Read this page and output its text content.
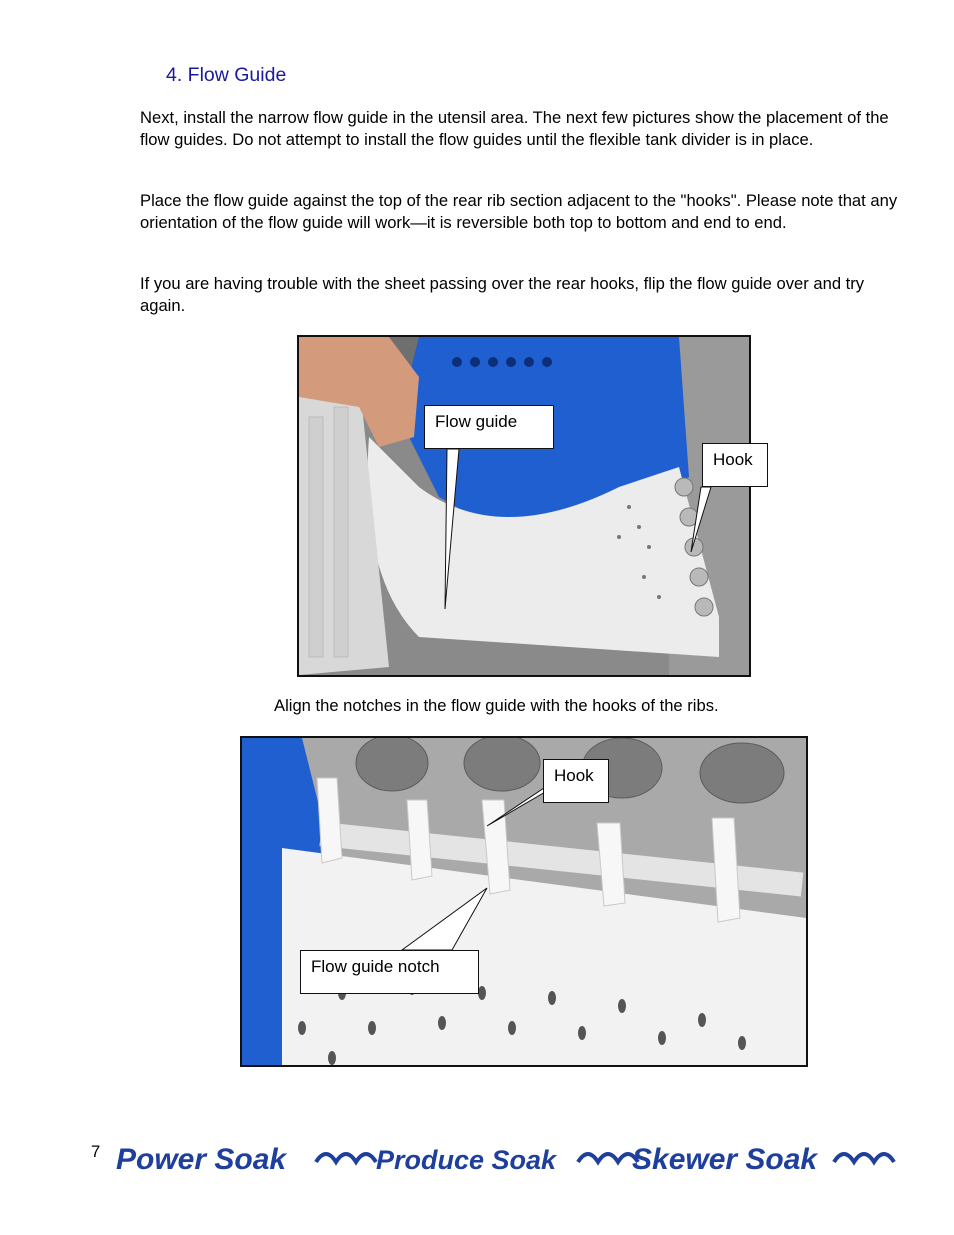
4. Flow Guide

Next, install the narrow flow guide in the utensil area. The next few pictures show the placement of the flow guides. Do not attempt to install the flow guides until the flexible tank divider is in place.

Place the flow guide against the top of the rear rib section adjacent to the "hooks". Please note that any orientation of the flow guide will work—it is reversible both top to bottom and end to end.

If you are having trouble with the sheet passing over the rear hooks, flip the flow guide over and try again.

Flow guide
Hook
Align the notches in the flow guide with the hooks of the ribs.
Hook
Flow guide notch
7 Power Soak	Produce Soak	Skewer Soak
